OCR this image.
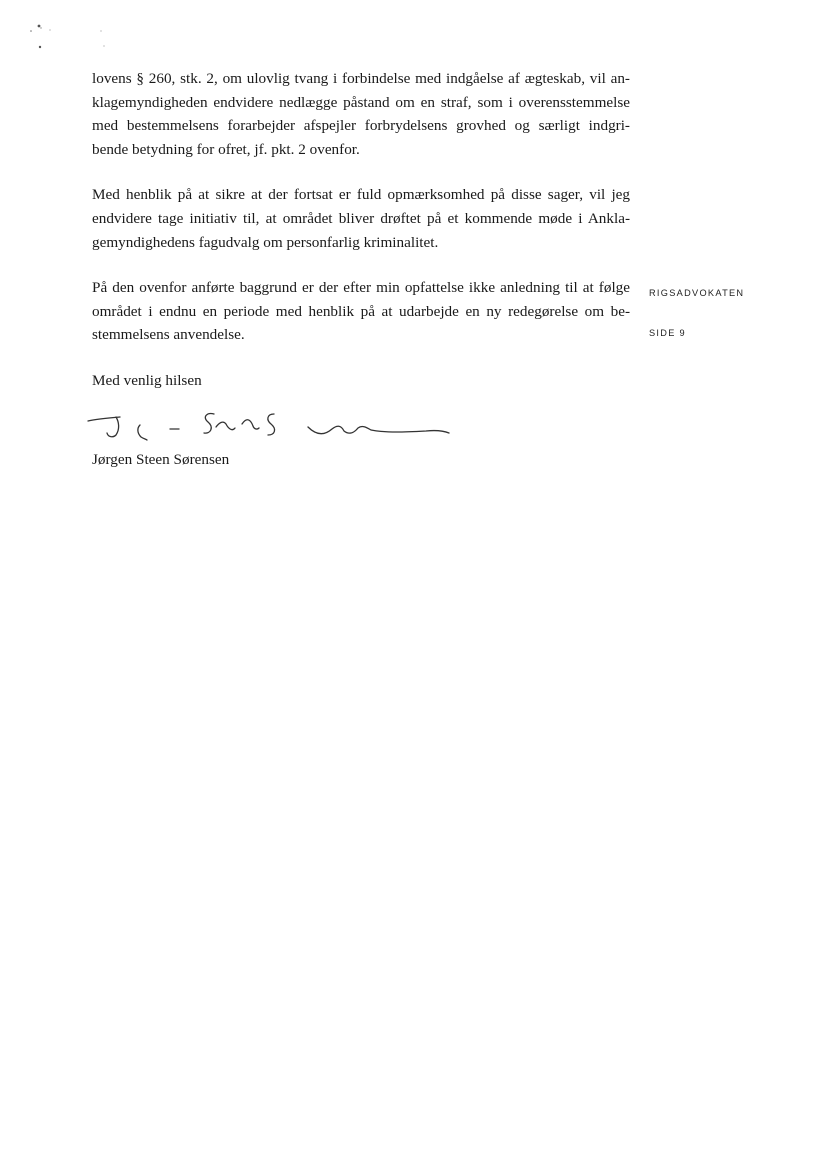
lovens § 260, stk. 2, om ulovlig tvang i forbindelse med indgåelse af ægteskab, vil an-
klagemyndigheden endvidere nedlægge påstand om en straf, som i overensstemmelse
med bestemmelsens forarbejder afspejler forbrydelsens grovhed og særligt indgri-
bende betydning for ofret, jf. pkt. 2 ovenfor.

Med henblik på at sikre at der fortsat er fuld opmærksomhed på disse sager, vil jeg
endvidere tage initiativ til, at området bliver drøftet på et kommende møde i Ankla-
gemyndighedens fagudvalg om personfarlig kriminalitet.

På den ovenfor anførte baggrund er der efter min opfattelse ikke anledning til at følge
området i endnu en periode med henblik på at udarbejde en ny redegørelse om be-
stemmelsens anvendelse.

Med venlig hilsen

Jørgen Steen Sørensen
RIGSADVOKATEN
SIDE 9
